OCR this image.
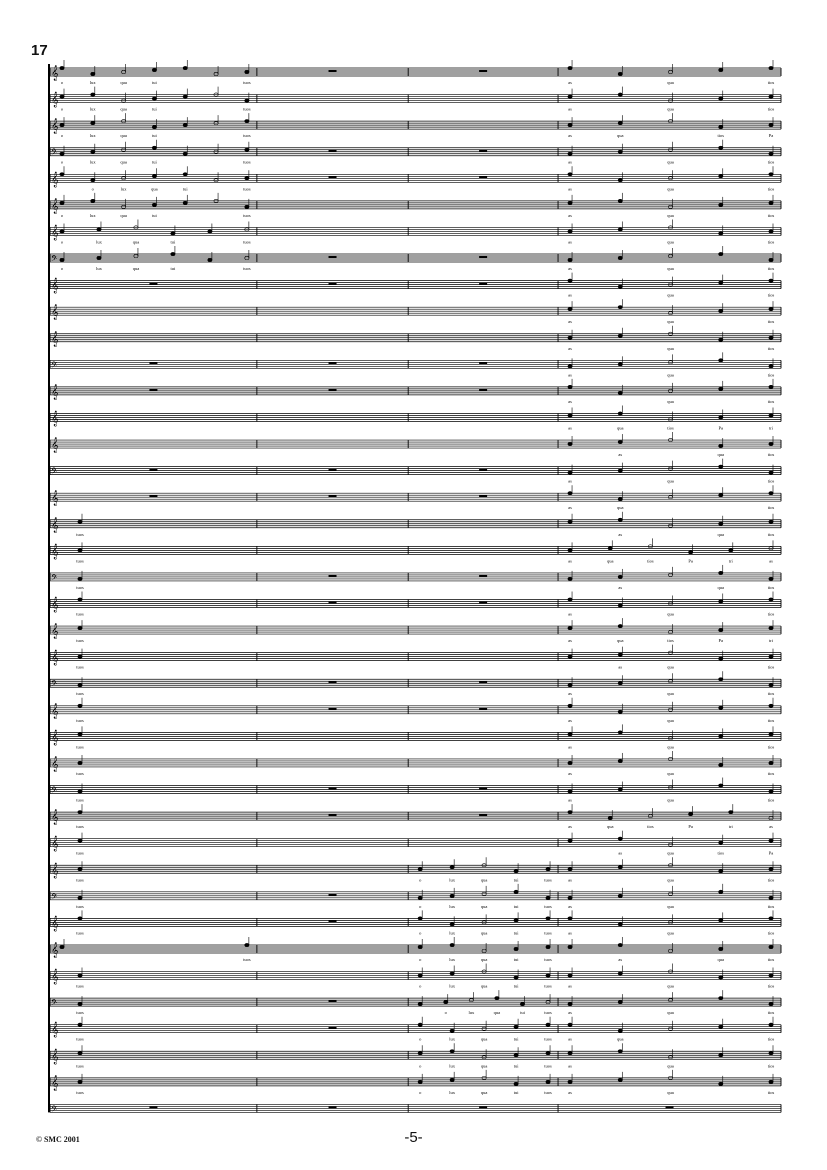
17
𝄞
o	lux	qua	tui	tuos	as	qua	tios
𝄞
o	lux	qua	tui	tuos	as	qua	tios
𝄞
o	lux	qua	tui	tuos	as	qua	tios	Pa
𝄢
o	lux	qua	tui	tuos	as	qua	tios
𝄞
o	lux	qua	tui	tuos	as	qua	tios
𝄞
o	lux	qua	tui	tuos	as	qua	tios
𝄞
o	lux	qua	tui	tuos	as	qua	tios
𝄢
o	lux	qua	tui	tuos	as	qua	tios
𝄞
as	qua	tios
𝄞
as	qua	tios
𝄞
as	qua	tios
𝄢
as	qua	tios
𝄞
as	qua	tios
𝄞
as	qua	tios	Pa	tri
𝄞
as	qua	tios
𝄢
as	qua	tios
𝄞
as	qua	tios
𝄞
tuos	as	qua	tios
𝄞
tuos	as	qua	tios	Pa	tri	as
𝄢
tuos	as	qua	tios
𝄞
tuos	as	qua	tios
𝄞
tuos	as	qua	tios	Pa	tri
𝄞
tuos	as	qua	tios
𝄢
tuos	as	qua	tios
𝄞
tuos	as	qua	tios
𝄞
tuos	as	qua	tios
𝄞
tuos	as	qua	tios
𝄢
tuos	as	qua	tios
𝄞
tuos	as	qua	tios	Pa	tri	as
𝄞
tuos	as	qua	tios	Pa
𝄞
tuos	o	lux	qua	tui	tuos	as	qua	tios
𝄢
tuos	o	lux	qua	tui	tuos	as	qua	tios
𝄞
tuos	o	lux	qua	tui	tuos	as	qua	tios
𝄞
tuos	o	lux	qua	tui	tuos	as	qua	tios
𝄞
tuos	o	lux	qua	tui	tuos	as	qua	tios
𝄢
tuos	o	lux	qua	tui	tuos	as	qua	tios
𝄞
tuos	o	lux	qua	tui	tuos	as	qua	tios
𝄞
tuos	o	lux	qua	tui	tuos	as	qua	tios
𝄞
tuos	o	lux	qua	tui	tuos	as	qua	tios
𝄢
-5-
© SMC 2001
